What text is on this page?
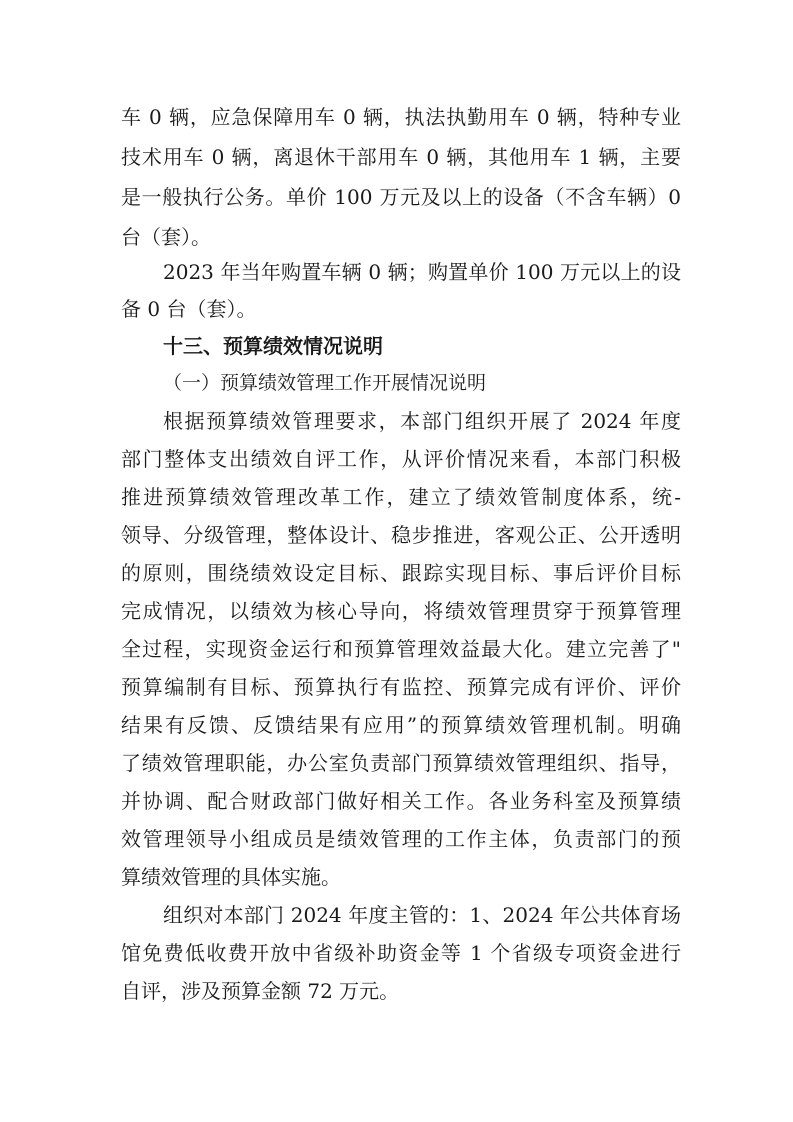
车 0 辆，应急保障用车 0 辆，执法执勤用车 0 辆，特种专业
技术用车 0 辆，离退休干部用车 0 辆，其他用车 1 辆，主要
是一般执行公务。单价 100 万元及以上的设备（不含车辆）0
台（套）。
2023 年当年购置车辆 0 辆；购置单价 100 万元以上的设
备 0 台（套）。
十三、预算绩效情况说明
（一）预算绩效管理工作开展情况说明
根据预算绩效管理要求，本部门组织开展了 2024 年度
部门整体支出绩效自评工作，从评价情况来看，本部门积极
推进预算绩效管理改革工作，建立了绩效管制度体系，统-
领导、分级管理，整体设计、稳步推进，客观公正、公开透明
的原则，围绕绩效设定目标、跟踪实现目标、事后评价目标
完成情况，以绩效为核心导向，将绩效管理贯穿于预算管理
全过程，实现资金运行和预算管理效益最大化。建立完善了"
预算编制有目标、预算执行有监控、预算完成有评价、评价
结果有反馈、反馈结果有应用”的预算绩效管理机制。明确
了绩效管理职能，办公室负责部门预算绩效管理组织、指导，
并协调、配合财政部门做好相关工作。各业务科室及预算绩
效管理领导小组成员是绩效管理的工作主体，负责部门的预
算绩效管理的具体实施。
组织对本部门 2024 年度主管的：1、2024 年公共体育场
馆免费低收费开放中省级补助资金等 1 个省级专项资金进行
自评，涉及预算金额 72 万元。
